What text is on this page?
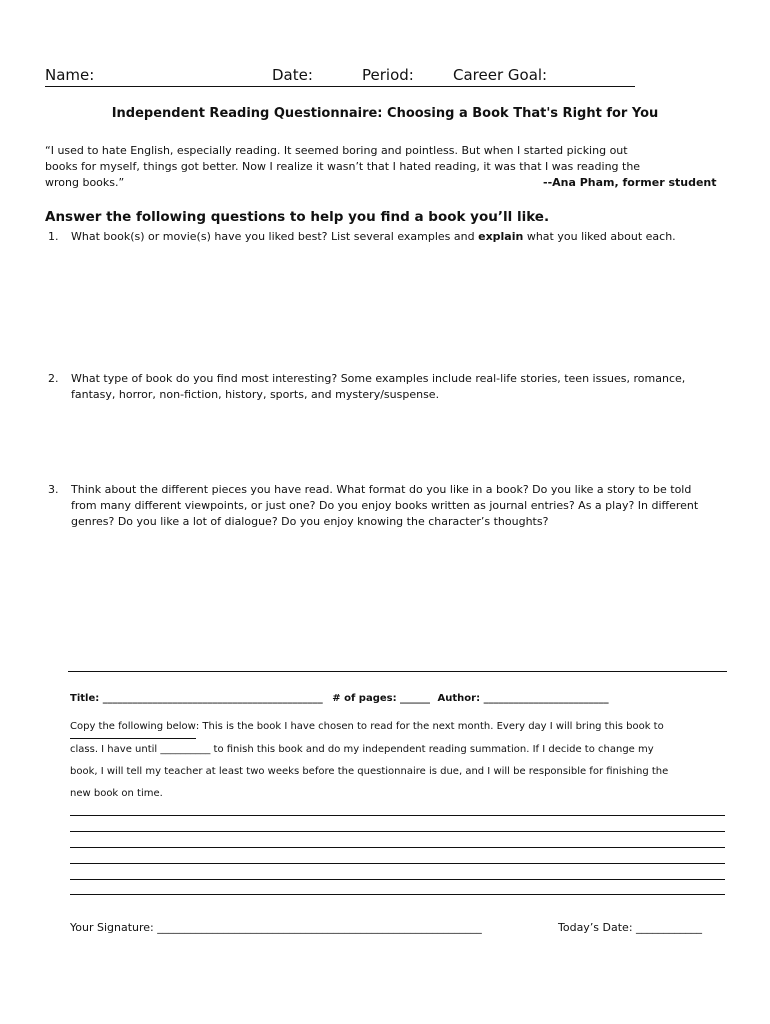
Name:	Date:	Period:	Career Goal:
Independent Reading Questionnaire: Choosing a Book That's Right for You
“I used to hate English, especially reading. It seemed boring and pointless. But when I started picking out
books for myself, things got better. Now I realize it wasn’t that I hated reading, it was that I was reading the
wrong books.”	--Ana Pham, former student
Answer the following questions to help you find a book you’ll like.
1. What book(s) or movie(s) have you liked best? List several examples and explain what you liked about each.
2. What type of book do you find most interesting? Some examples include real-life stories, teen issues, romance, fantasy, horror, non-fiction, history, sports, and mystery/suspense.
3. Think about the different pieces you have read. What format do you like in a book? Do you like a story to be told from many different viewpoints, or just one? Do you enjoy books written as journal entries? As a play? In different genres? Do you like a lot of dialogue? Do you enjoy knowing the character’s thoughts?
Title: ____________________________________________ # of pages: ______ Author: _________________________
Copy the following below: This is the book I have chosen to read for the next month. Every day I will bring this book to
class. I have until __________ to finish this book and do my independent reading summation. If I decide to change my
book, I will tell my teacher at least two weeks before the questionnaire is due, and I will be responsible for finishing the
new book on time.
Your Signature: ___________________________________________________________	Today’s Date: ____________
